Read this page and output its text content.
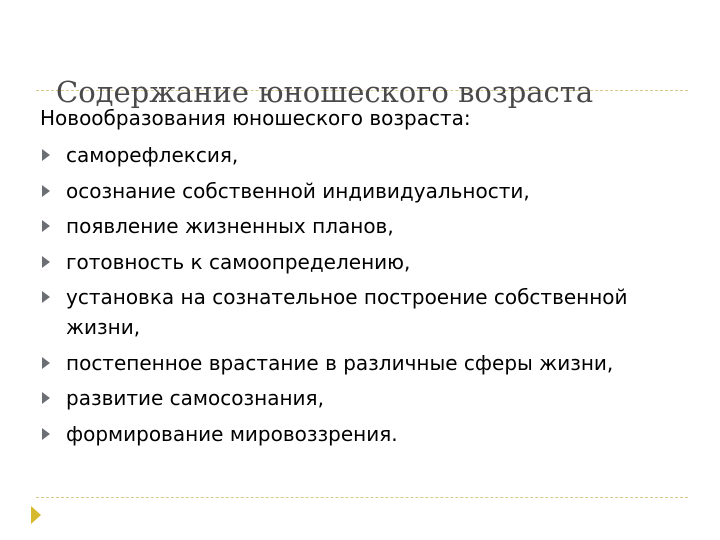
Содержание юношеского возраста
Новообразования юношеского возраста:
саморефлексия,
осознание собственной индивидуальности,
появление жизненных планов,
готовность к самоопределению,
установка на сознательное построение собственной жизни,
постепенное врастание в различные сферы жизни,
развитие самосознания,
формирование мировоззрения.
